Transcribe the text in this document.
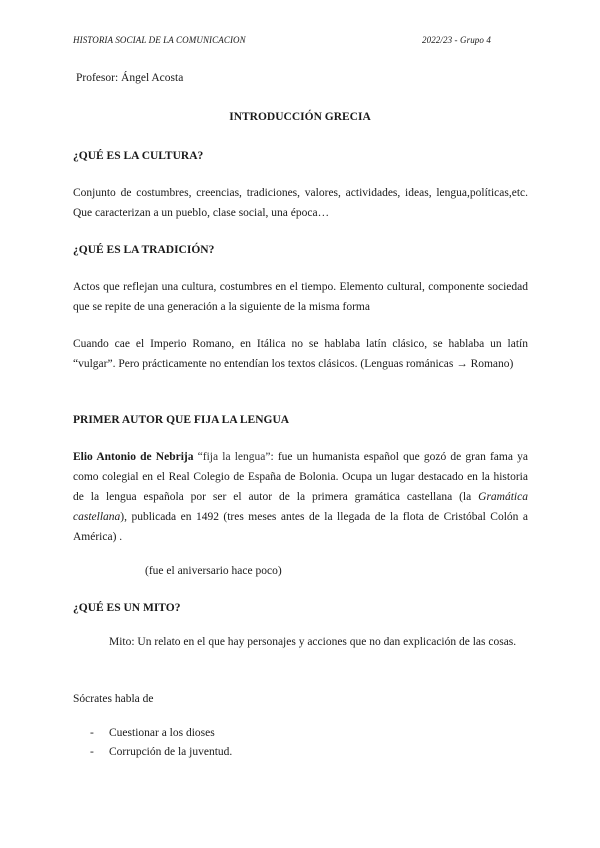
HISTORIA SOCIAL DE LA COMUNICACION	2022/23 - Grupo 4
Profesor: Ángel Acosta
INTRODUCCIÓN GRECIA
¿QUÉ ES LA CULTURA?
Conjunto de costumbres, creencias, tradiciones, valores, actividades, ideas, lengua,políticas,etc. Que caracterizan a un pueblo, clase social, una época…
¿QUÉ ES LA TRADICIÓN?
Actos que reflejan una cultura, costumbres en el tiempo. Elemento cultural, componente sociedad que se repite de una generación a la siguiente de la misma forma
Cuando cae el Imperio Romano, en Itálica no se hablaba latín clásico, se hablaba un latín “vulgar”. Pero prácticamente no entendían los textos clásicos. (Lenguas románicas → Romano)
PRIMER AUTOR QUE FIJA LA LENGUA
Elio Antonio de Nebrija “fija la lengua”: fue un humanista español que gozó de gran fama ya como colegial en el Real Colegio de España de Bolonia. Ocupa un lugar destacado en la historia de la lengua española por ser el autor de la primera gramática castellana (la Gramática castellana), publicada en 1492 (tres meses antes de la llegada de la flota de Cristóbal Colón a América) .
(fue el aniversario hace poco)
¿QUÉ ES UN MITO?
Mito: Un relato en el que hay personajes y acciones que no dan explicación de las cosas.
Sócrates habla de
- Cuestionar a los dioses
- Corrupción de la juventud.
